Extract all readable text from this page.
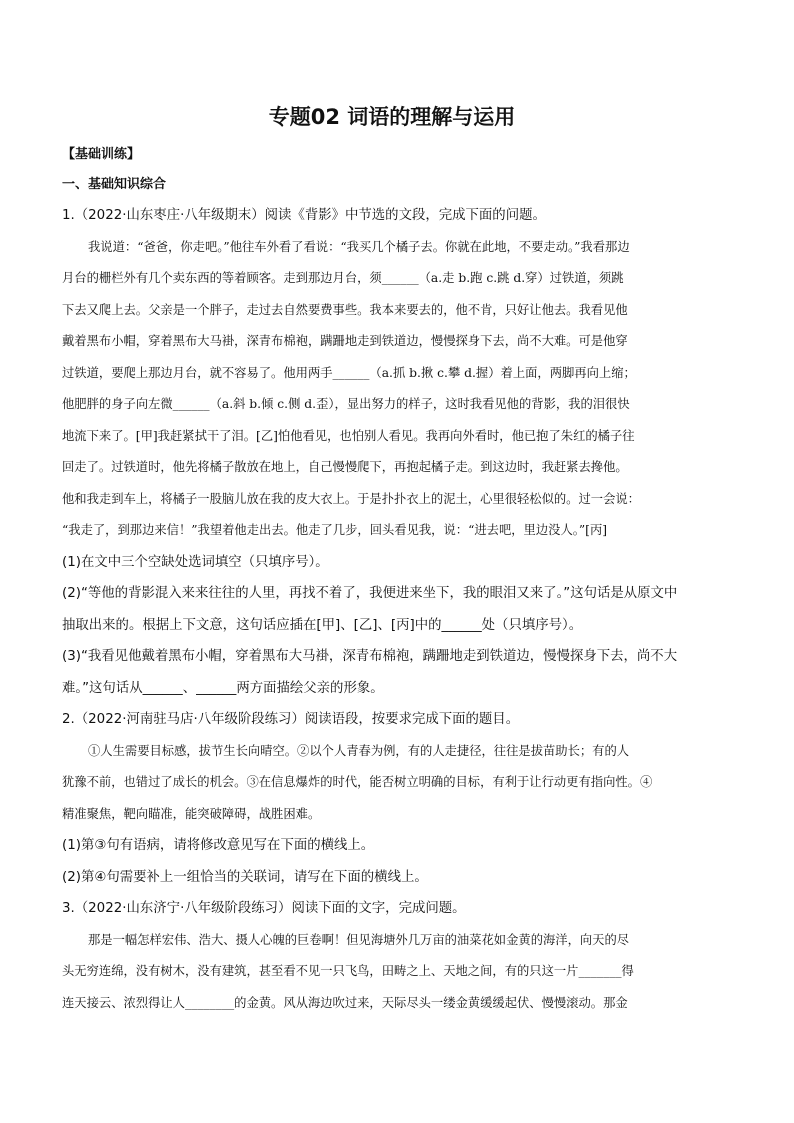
专题02 词语的理解与运用
【基础训练】
一、基础知识综合
1.（2022·山东枣庄·八年级期末）阅读《背影》中节选的文段，完成下面的问题。
我说道：“爸爸，你走吧。”他往车外看了看说：“我买几个橘子去。你就在此地，不要走动。”我看那边
月台的栅栏外有几个卖东西的等着顾客。走到那边月台，须______（a.走 b.跑 c.跳 d.穿）过铁道，须跳
下去又爬上去。父亲是一个胖子，走过去自然要费事些。我本来要去的，他不肯，只好让他去。我看见他
戴着黑布小帽，穿着黑布大马褂，深青布棉袍，蹒跚地走到铁道边，慢慢探身下去，尚不大难。可是他穿
过铁道，要爬上那边月台，就不容易了。他用两手______（a.抓 b.揪 c.攀 d.握）着上面，两脚再向上缩；
他肥胖的身子向左微______（a.斜 b.倾 c.侧 d.歪），显出努力的样子，这时我看见他的背影，我的泪很快
地流下来了。[甲]我赶紧拭干了泪。[乙]怕他看见，也怕别人看见。我再向外看时，他已抱了朱红的橘子往
回走了。过铁道时，他先将橘子散放在地上，自己慢慢爬下，再抱起橘子走。到这边时，我赶紧去搀他。
他和我走到车上，将橘子一股脑儿放在我的皮大衣上。于是扑扑衣上的泥土，心里很轻松似的。过一会说：
“我走了，到那边来信！”我望着他走出去。他走了几步，回头看见我，说：“进去吧，里边没人。”[丙]
(1)在文中三个空缺处选词填空（只填序号）。
(2)“等他的背影混入来来往往的人里，再找不着了，我便进来坐下，我的眼泪又来了。”这句话是从原文中
抽取出来的。根据上下文意，这句话应插在[甲]、[乙]、[丙]中的______处（只填序号）。
(3)“我看见他戴着黑布小帽，穿着黑布大马褂，深青布棉袍，蹒跚地走到铁道边，慢慢探身下去，尚不大
难。”这句话从______、______两方面描绘父亲的形象。
2.（2022·河南驻马店·八年级阶段练习）阅读语段，按要求完成下面的题目。
①人生需要目标感，拔节生长向晴空。②以个人青春为例，有的人走捷径，往往是拔苗助长；有的人
犹豫不前，也错过了成长的机会。③在信息爆炸的时代，能否树立明确的目标，有利于让行动更有指向性。④
精准聚焦，靶向瞄准，能突破障碍，战胜困难。
(1)第③句有语病，请将修改意见写在下面的横线上。
(2)第④句需要补上一组恰当的关联词，请写在下面的横线上。
3.（2022·山东济宁·八年级阶段练习）阅读下面的文字，完成问题。
那是一幅怎样宏伟、浩大、摄人心魄的巨卷啊！但见海塘外几万亩的油菜花如金黄的海洋，向天的尽
头无穷连绵，没有树木，没有建筑，甚至看不见一只飞鸟，田畴之上、天地之间，有的只这一片_______得
连天接云、浓烈得让人________的金黄。风从海边吹过来，天际尽头一缕金黄缓缓起伏、慢慢滚动。那金
